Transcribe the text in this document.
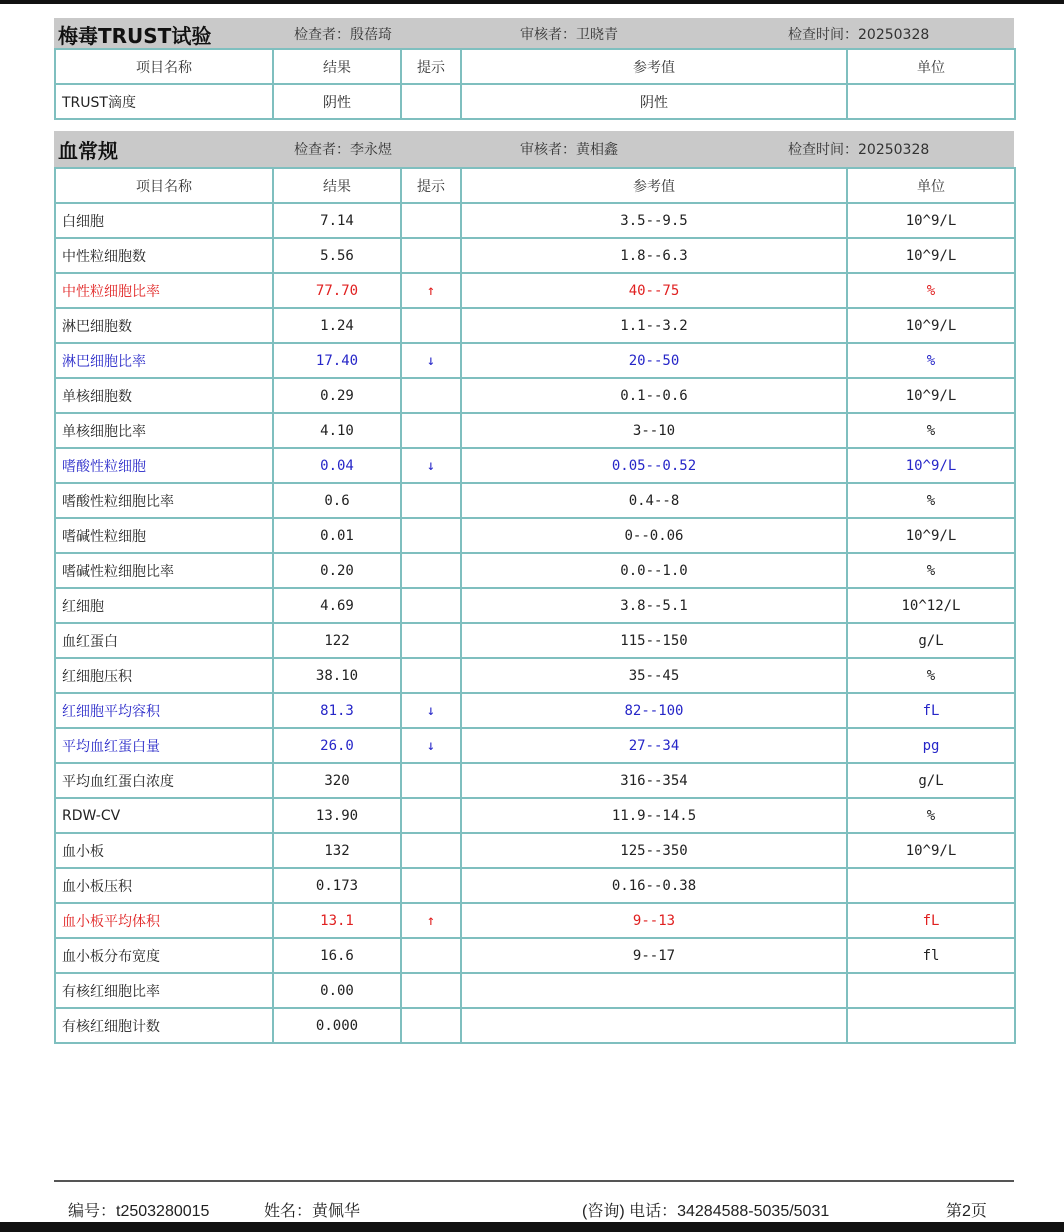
梅毒TRUST试验	检查者：殷蓓琦	审核者：卫晓青	检查时间：20250328
项目名称	结果	提示	参考值	单位
TRUST滴度	阴性		阴性	
血常规	检查者：李永煜	审核者：黄相鑫	检查时间：20250328
项目名称	结果	提示	参考值	单位
白细胞	7.14		3.5--9.5	10^9/L
中性粒细胞数	5.56		1.8--6.3	10^9/L
中性粒细胞比率	77.70	↑	40--75	%
淋巴细胞数	1.24		1.1--3.2	10^9/L
淋巴细胞比率	17.40	↓	20--50	%
单核细胞数	0.29		0.1--0.6	10^9/L
单核细胞比率	4.10		3--10	%
嗜酸性粒细胞	0.04	↓	0.05--0.52	10^9/L
嗜酸性粒细胞比率	0.6		0.4--8	%
嗜碱性粒细胞	0.01		0--0.06	10^9/L
嗜碱性粒细胞比率	0.20		0.0--1.0	%
红细胞	4.69		3.8--5.1	10^12/L
血红蛋白	122		115--150	g/L
红细胞压积	38.10		35--45	%
红细胞平均容积	81.3	↓	82--100	fL
平均血红蛋白量	26.0	↓	27--34	pg
平均血红蛋白浓度	320		316--354	g/L
RDW-CV	13.90		11.9--14.5	%
血小板	132		125--350	10^9/L
血小板压积	0.173		0.16--0.38	
血小板平均体积	13.1	↑	9--13	fL
血小板分布宽度	16.6		9--17	fl
有核红细胞比率	0.00			
有核红细胞计数	0.000			
编号：t2503280015	姓名：黄佩华	(咨询) 电话：34284588-5035/5031	第2页
